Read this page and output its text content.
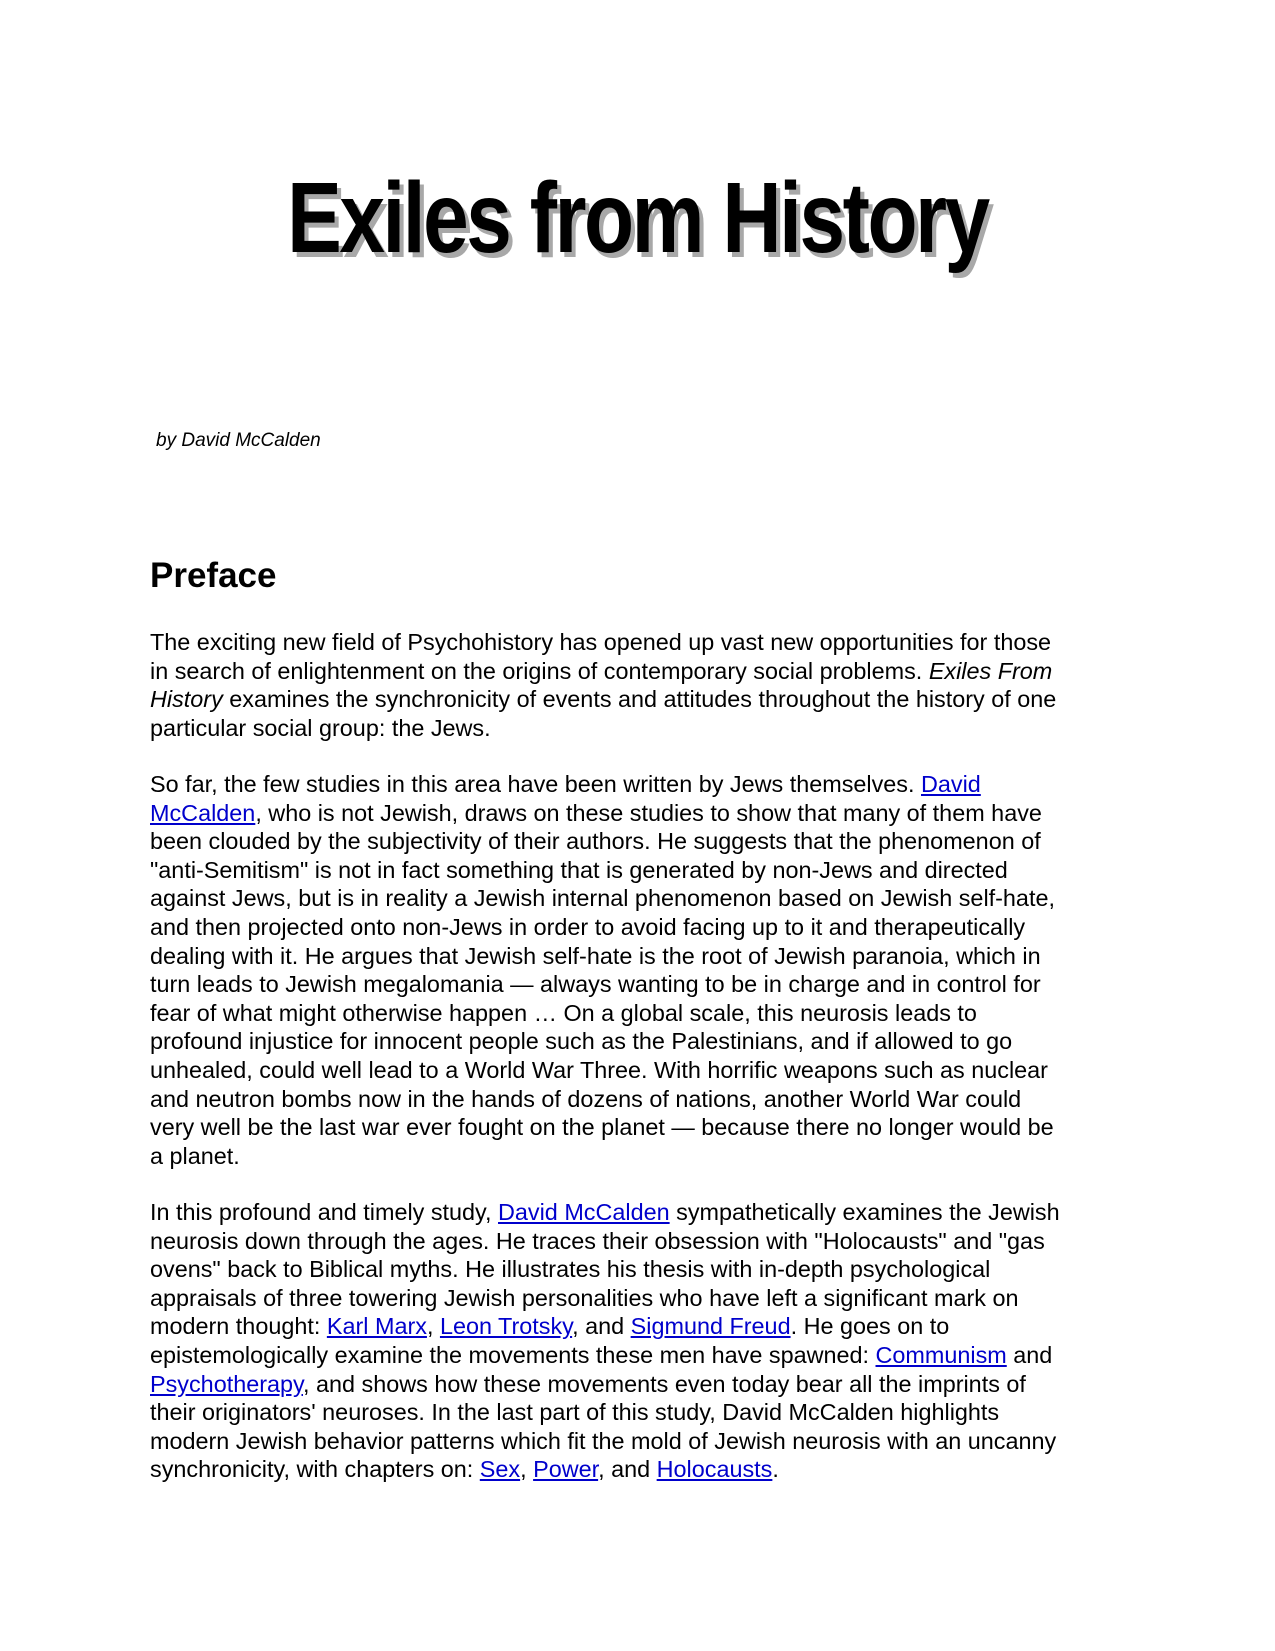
Exiles from History

by David McCalden

Preface

The exciting new field of Psychohistory has opened up vast new opportunities for those
in search of enlightenment on the origins of contemporary social problems. Exiles From
History examines the synchronicity of events and attitudes throughout the history of one
particular social group: the Jews.

So far, the few studies in this area have been written by Jews themselves. David
McCalden, who is not Jewish, draws on these studies to show that many of them have
been clouded by the subjectivity of their authors. He suggests that the phenomenon of
"anti-Semitism" is not in fact something that is generated by non-Jews and directed
against Jews, but is in reality a Jewish internal phenomenon based on Jewish self-hate,
and then projected onto non-Jews in order to avoid facing up to it and therapeutically
dealing with it. He argues that Jewish self-hate is the root of Jewish paranoia, which in
turn leads to Jewish megalomania — always wanting to be in charge and in control for
fear of what might otherwise happen … On a global scale, this neurosis leads to
profound injustice for innocent people such as the Palestinians, and if allowed to go
unhealed, could well lead to a World War Three. With horrific weapons such as nuclear
and neutron bombs now in the hands of dozens of nations, another World War could
very well be the last war ever fought on the planet — because there no longer would be
a planet.

In this profound and timely study, David McCalden sympathetically examines the Jewish
neurosis down through the ages. He traces their obsession with "Holocausts" and "gas
ovens" back to Biblical myths. He illustrates his thesis with in-depth psychological
appraisals of three towering Jewish personalities who have left a significant mark on
modern thought: Karl Marx, Leon Trotsky, and Sigmund Freud. He goes on to
epistemologically examine the movements these men have spawned: Communism and
Psychotherapy, and shows how these movements even today bear all the imprints of
their originators' neuroses. In the last part of this study, David McCalden highlights
modern Jewish behavior patterns which fit the mold of Jewish neurosis with an uncanny
synchronicity, with chapters on: Sex, Power, and Holocausts.
